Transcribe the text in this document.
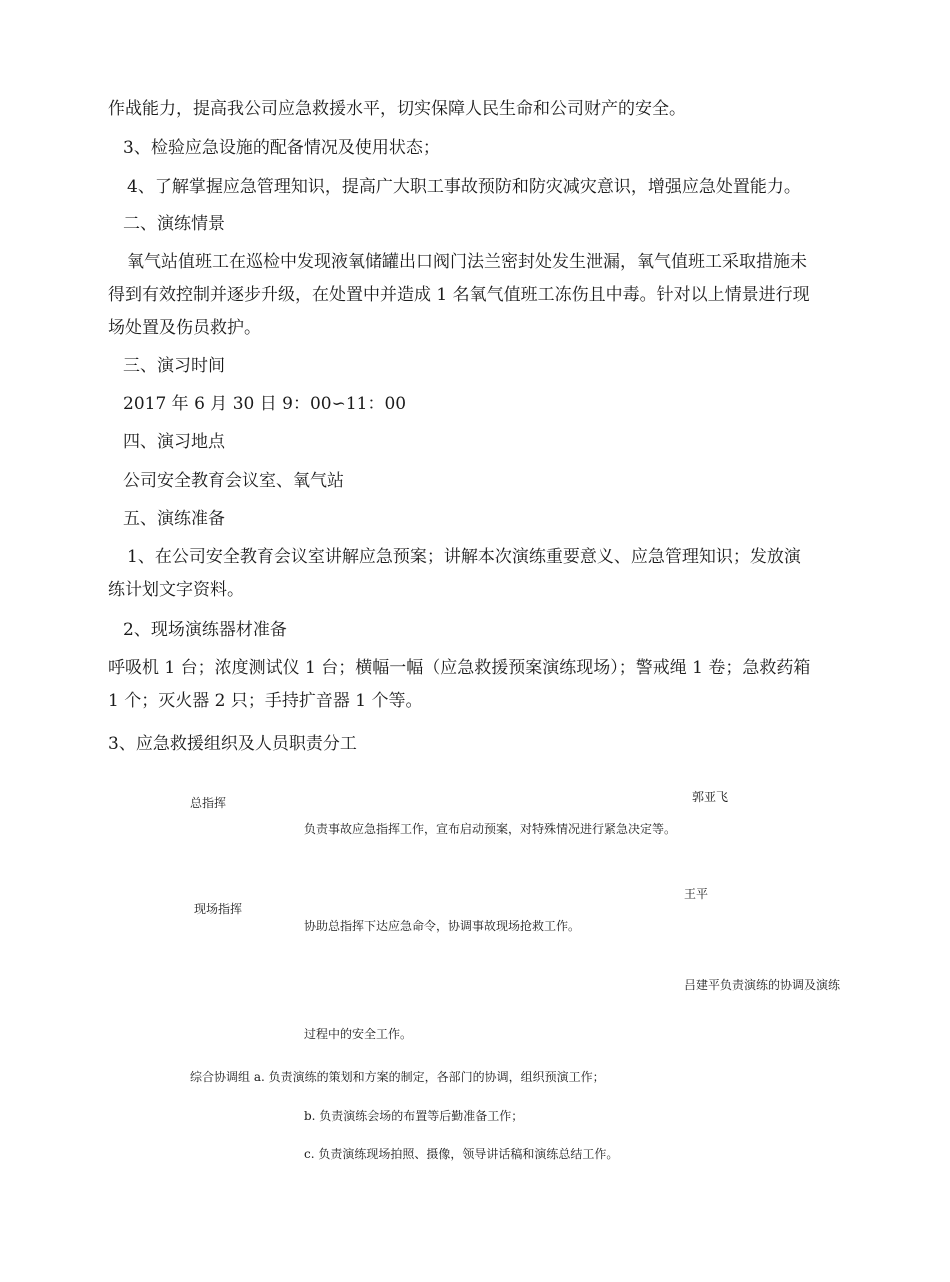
作战能力，提高我公司应急救援水平，切实保障人民生命和公司财产的安全。
3、检验应急设施的配备情况及使用状态；
4、了解掌握应急管理知识，提高广大职工事故预防和防灾减灾意识，增强应急处置能力。
二、演练情景
氧气站值班工在巡检中发现液氧储罐出口阀门法兰密封处发生泄漏，氧气值班工采取措施未
得到有效控制并逐步升级，在处置中并造成 1 名氧气值班工冻伤且中毒。针对以上情景进行现
场处置及伤员救护。
三、演习时间
2017 年 6 月 30 日 9：00∽11：00
四、演习地点
公司安全教育会议室、氧气站
五、演练准备
1、在公司安全教育会议室讲解应急预案；讲解本次演练重要意义、应急管理知识；发放演
练计划文字资料。
2、现场演练器材准备
呼吸机 1 台；浓度测试仪 1 台；横幅一幅（应急救援预案演练现场）；警戒绳 1 卷；急救药箱
1 个；灭火器 2 只；手持扩音器 1 个等。
3、应急救援组织及人员职责分工
总指挥	郭亚飞
负责事故应急指挥工作，宣布启动预案，对特殊情况进行紧急决定等。
王平
现场指挥
协助总指挥下达应急命令，协调事故现场抢救工作。
吕建平负责演练的协调及演练
过程中的安全工作。
综合协调组 a. 负责演练的策划和方案的制定，各部门的协调，组织预演工作；
b. 负责演练会场的布置等后勤准备工作；
c. 负责演练现场拍照、摄像，领导讲话稿和演练总结工作。
